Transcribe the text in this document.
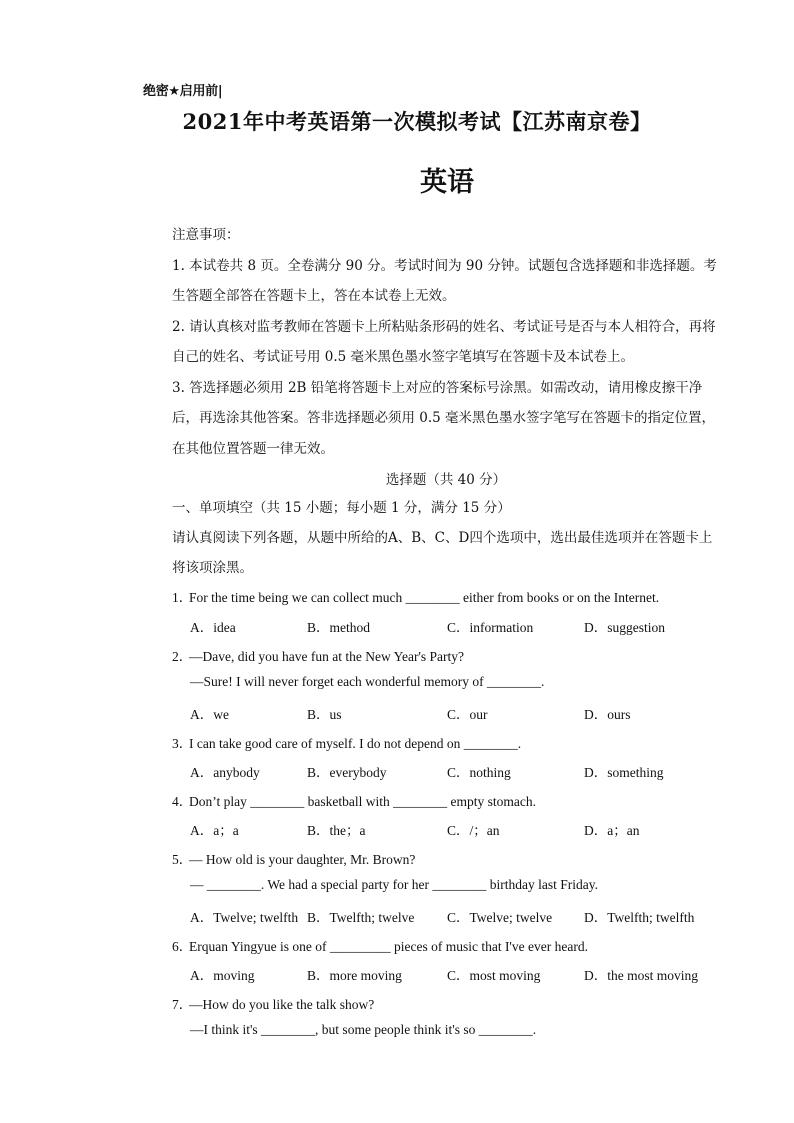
绝密★启用前|
2021年中考英语第一次模拟考试【江苏南京卷】
英语

注意事项：

1. 本试卷共 8 页。全卷满分 90 分。考试时间为 90 分钟。试题包含选择题和非选择题。考生答题全部答在答题卡上，答在本试卷上无效。

2. 请认真核对监考教师在答题卡上所粘贴条形码的姓名、考试证号是否与本人相符合，再将自己的姓名、考试证号用 0.5 毫米黑色墨水签字笔填写在答题卡及本试卷上。

3. 答选择题必须用 2B 铅笔将答题卡上对应的答案标号涂黑。如需改动，请用橡皮擦干净后，再选涂其他答案。答非选择题必须用 0.5 毫米黑色墨水签字笔写在答题卡的指定位置，在其他位置答题一律无效。

选择题（共 40 分）
一、单项填空（共 15 小题；每小题 1 分，满分 15 分）

请认真阅读下列各题，从题中所给的A、B、C、D四个选项中，选出最佳选项并在答题卡上将该项涂黑。

1．For the time being we can collect much ________ either from books or on the Internet.
A．idea	B．method	C．information	D．suggestion
2．—Dave, did you have fun at the New Year's Party?
—Sure! I will never forget each wonderful memory of ________.
A．we	B．us	C．our	D．ours
3．I can take good care of myself. I do not depend on ________.
A．anybody	B．everybody	C．nothing	D．something
4．Don’t play ________ basketball with ________ empty stomach.
A．a；a	B．the；a	C．/；an	D．a；an
5．— How old is your daughter, Mr. Brown?
— ________. We had a special party for her ________ birthday last Friday.
A．Twelve; twelfth B．Twelfth; twelve C．Twelve; twelve D．Twelfth; twelfth
6．Erquan Yingyue is one of _________ pieces of music that I've ever heard.
A．moving	B．more moving	C．most moving	D．the most moving
7．—How do you like the talk show?
—I think it's ________, but some people think it's so ________.
